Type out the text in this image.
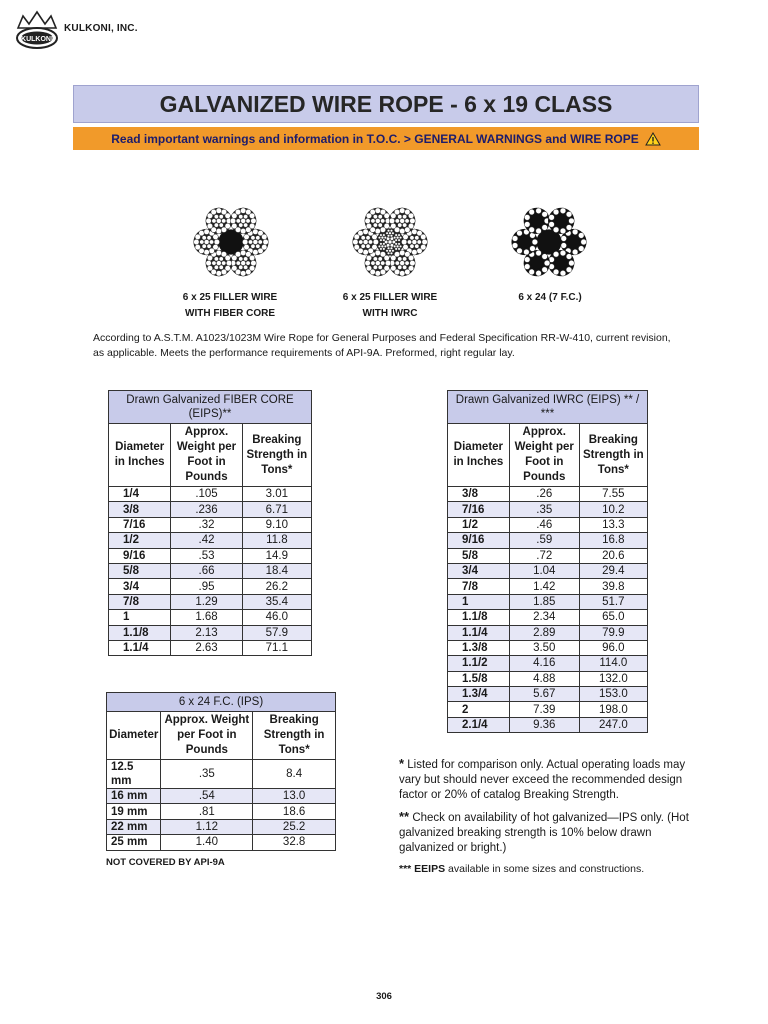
KULKONI
KULKONI, INC.
GALVANIZED WIRE ROPE - 6 x 19 CLASS
Read important warnings and information in T.O.C. > GENERAL WARNINGS and WIRE ROPE
6 x 25 FILLER WIRE
WITH FIBER CORE
6 x 25 FILLER WIRE
WITH IWRC
6 x 24 (7 F.C.)
According to A.S.T.M. A1023/1023M Wire Rope for General Purposes and Federal Specification RR-W-410, current revision, as applicable. Meets the performance requirements of API-9A. Preformed, right regular lay.
Drawn Galvanized FIBER CORE (EIPS)**		
Diameter in Inches	Approx. Weight per Foot in Pounds	Breaking Strength in Tons*
1/4	.105	3.01
3/8	.236	6.71
7/16	.32	9.10
1/2	.42	11.8
9/16	.53	14.9
5/8	.66	18.4
3/4	.95	26.2
7/8	1.29	35.4
1	1.68	46.0
1.1/8	2.13	57.9
1.1/4	2.63	71.1
Drawn Galvanized IWRC (EIPS) ** / ***		
Diameter in Inches	Approx. Weight per Foot in Pounds	Breaking Strength in Tons*
3/8	.26	7.55
7/16	.35	10.2
1/2	.46	13.3
9/16	.59	16.8
5/8	.72	20.6
3/4	1.04	29.4
7/8	1.42	39.8
1	1.85	51.7
1.1/8	2.34	65.0
1.1/4	2.89	79.9
1.3/8	3.50	96.0
1.1/2	4.16	114.0
1.5/8	4.88	132.0
1.3/4	5.67	153.0
2	7.39	198.0
2.1/4	9.36	247.0
6 x 24 F.C. (IPS)		
Diameter	Approx. Weight per Foot in Pounds	Breaking Strength in Tons*
12.5 mm	.35	8.4
16 mm	.54	13.0
19 mm	.81	18.6
22 mm	1.12	25.2
25 mm	1.40	32.8
NOT COVERED BY API-9A

* Listed for comparison only. Actual operating loads may vary but should never exceed the recommended design factor or 20% of catalog Breaking Strength.

** Check on availability of hot galvanized—IPS only. (Hot galvanized breaking strength is 10% below drawn galvanized or bright.)

*** EEIPS available in some sizes and constructions.

306
